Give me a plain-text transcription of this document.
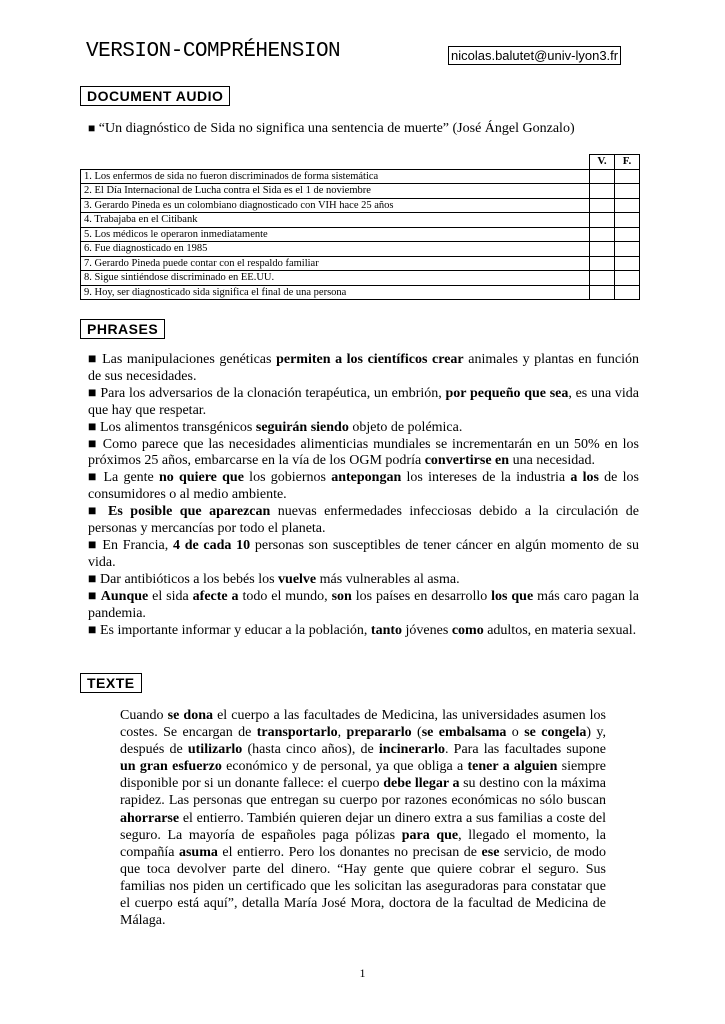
VERSION-COMPRÉHENSION	nicolas.balutet@univ-lyon3.fr
DOCUMENT AUDIO
■ “Un diagnóstico de Sida no significa una sentencia de muerte” (José Ángel Gonzalo)
	V.	F.
1. Los enfermos de sida no fueron discriminados de forma sistemática		
2. El Día Internacional de Lucha contra el Sida es el 1 de noviembre		
3. Gerardo Pineda es un colombiano diagnosticado con VIH hace 25 años		
4. Trabajaba en el Citibank		
5. Los médicos le operaron inmediatamente		
6. Fue diagnosticado en 1985		
7. Gerardo Pineda puede contar con el respaldo familiar		
8. Sigue sintiéndose discriminado en EE.UU.		
9. Hoy, ser diagnosticado sida significa el final de una persona		
PHRASES

■ Las manipulaciones genéticas permiten a los científicos crear animales y plantas en función de sus necesidades.

■ Para los adversarios de la clonación terapéutica, un embrión, por pequeño que sea, es una vida que hay que respetar.

■ Los alimentos transgénicos seguirán siendo objeto de polémica.

■ Como parece que las necesidades alimenticias mundiales se incrementarán en un 50% en los próximos 25 años, embarcarse en la vía de los OGM podría convertirse en una necesidad.

■ La gente no quiere que los gobiernos antepongan los intereses de la industria a los de los consumidores o al medio ambiente.

■ Es posible que aparezcan nuevas enfermedades infecciosas debido a la circulación de personas y mercancías por todo el planeta.

■ En Francia, 4 de cada 10 personas son susceptibles de tener cáncer en algún momento de su vida.

■ Dar antibióticos a los bebés los vuelve más vulnerables al asma.

■ Aunque el sida afecte a todo el mundo, son los países en desarrollo los que más caro pagan la pandemia.

■ Es importante informar y educar a la población, tanto jóvenes como adultos, en materia sexual.

TEXTE
Cuando se dona el cuerpo a las facultades de Medicina, las universidades asumen los costes. Se encargan de transportarlo, prepararlo (se embalsama o se congela) y, después de utilizarlo (hasta cinco años), de incinerarlo. Para las facultades supone un gran esfuerzo económico y de personal, ya que obliga a tener a alguien siempre disponible por si un donante fallece: el cuerpo debe llegar a su destino con la máxima rapidez. Las personas que entregan su cuerpo por razones económicas no sólo buscan ahorrarse el entierro. También quieren dejar un dinero extra a sus familias a coste del seguro. La mayoría de españoles paga pólizas para que, llegado el momento, la compañía asuma el entierro. Pero los donantes no precisan de ese servicio, de modo que toca devolver parte del dinero. “Hay gente que quiere cobrar el seguro. Sus familias nos piden un certificado que les solicitan las aseguradoras para constatar que el cuerpo está aquí”, detalla María José Mora, doctora de la facultad de Medicina de Málaga.
1
